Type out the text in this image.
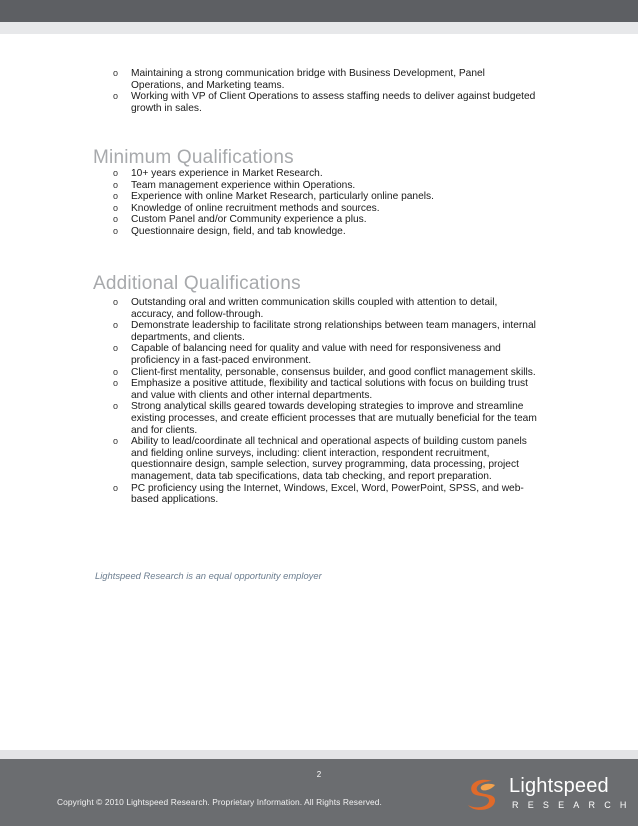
o Maintaining a strong communication bridge with Business Development, Panel Operations, and Marketing teams.
o Working with VP of Client Operations to assess staffing needs to deliver against budgeted growth in sales.
Minimum Qualifications
o 10+ years experience in Market Research.
o Team management experience within Operations.
o Experience with online Market Research, particularly online panels.
o Knowledge of online recruitment methods and sources.
o Custom Panel and/or Community experience a plus.
o Questionnaire design, field, and tab knowledge.
Additional Qualifications
o Outstanding oral and written communication skills coupled with attention to detail, accuracy, and follow-through.
o Demonstrate leadership to facilitate strong relationships between team managers, internal departments, and clients.
o Capable of balancing need for quality and value with need for responsiveness and proficiency in a fast-paced environment.
o Client-first mentality, personable, consensus builder, and good conflict management skills.
o Emphasize a positive attitude, flexibility and tactical solutions with focus on building trust and value with clients and other internal departments.
o Strong analytical skills geared towards developing strategies to improve and streamline existing processes, and create efficient processes that are mutually beneficial for the team and for clients.
o Ability to lead/coordinate all technical and operational aspects of building custom panels and fielding online surveys, including: client interaction, respondent recruitment, questionnaire design, sample selection, survey programming, data processing, project management, data tab specifications, data tab checking, and report preparation.
o PC proficiency using the Internet, Windows, Excel, Word, PowerPoint, SPSS, and web-based applications.
Lightspeed Research is an equal opportunity employer
2
Copyright © 2010 Lightspeed Research. Proprietary Information. All Rights Reserved.
Lightspeed
RESEARCH
